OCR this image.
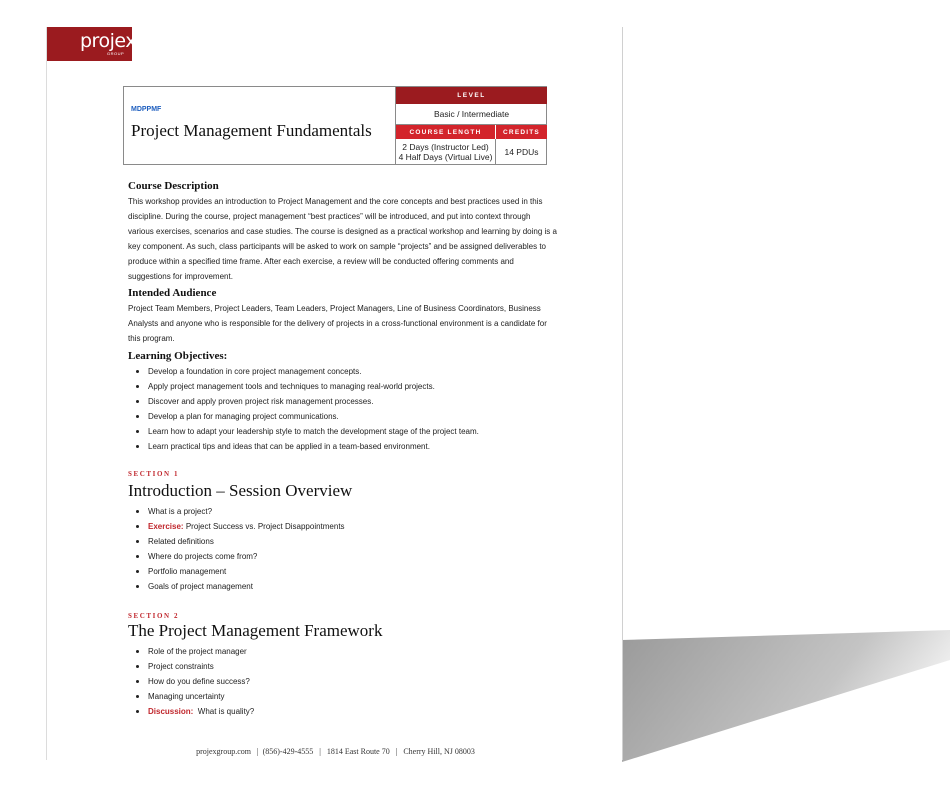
projex
GROUP
MDPPMF
Project Management Fundamentals
LEVEL
Basic / Intermediate
COURSE LENGTH	CREDITS
2 Days (Instructor Led)
4 Half Days (Virtual Live)	14 PDUs
Course Description
This workshop provides an introduction to Project Management and the core concepts and best practices used in this discipline. During the course, project management “best practices” will be introduced, and put into context through various exercises, scenarios and case studies. The course is designed as a practical workshop and learning by doing is a key component. As such, class participants will be asked to work on sample “projects” and be assigned deliverables to produce within a specified time frame. After each exercise, a review will be conducted offering comments and suggestions for improvement.
Intended Audience
Project Team Members, Project Leaders, Team Leaders, Project Managers, Line of Business Coordinators, Business Analysts and anyone who is responsible for the delivery of projects in a cross-functional environment is a candidate for this program.
Learning Objectives:
Develop a foundation in core project management concepts.
Apply project management tools and techniques to managing real-world projects.
Discover and apply proven project risk management processes.
Develop a plan for managing project communications.
Learn how to adapt your leadership style to match the development stage of the project team.
Learn practical tips and ideas that can be applied in a team-based environment.
SECTION 1
Introduction – Session Overview
What is a project?
Exercise: Project Success vs. Project Disappointments
Related definitions
Where do projects come from?
Portfolio management
Goals of project management
SECTION 2
The Project Management Framework
Role of the project manager
Project constraints
How do you define success?
Managing uncertainty
Discussion:  What is quality?
projexgroup.com   |  (856)-429-4555   |   1814 East Route 70   |   Cherry Hill, NJ 08003
